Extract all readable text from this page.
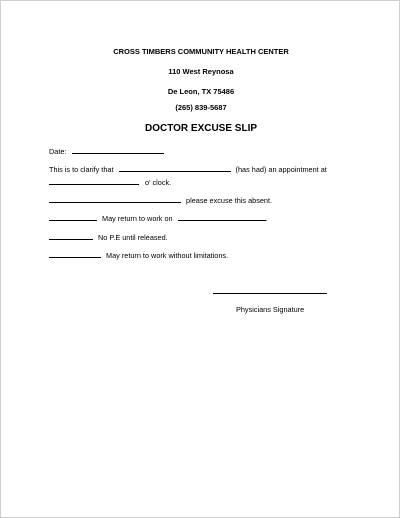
CROSS TIMBERS COMMUNITY HEALTH CENTER
110 West Reynosa
De Leon, TX 75486
(265) 839-5687
DOCTOR EXCUSE SLIP
Date:
This is to clarify that	(has had) an appointment at
o' clock.
please excuse this absent.
May return to work on	.
No P.E until released.
May return to work without limitations.
Physicians Signature
